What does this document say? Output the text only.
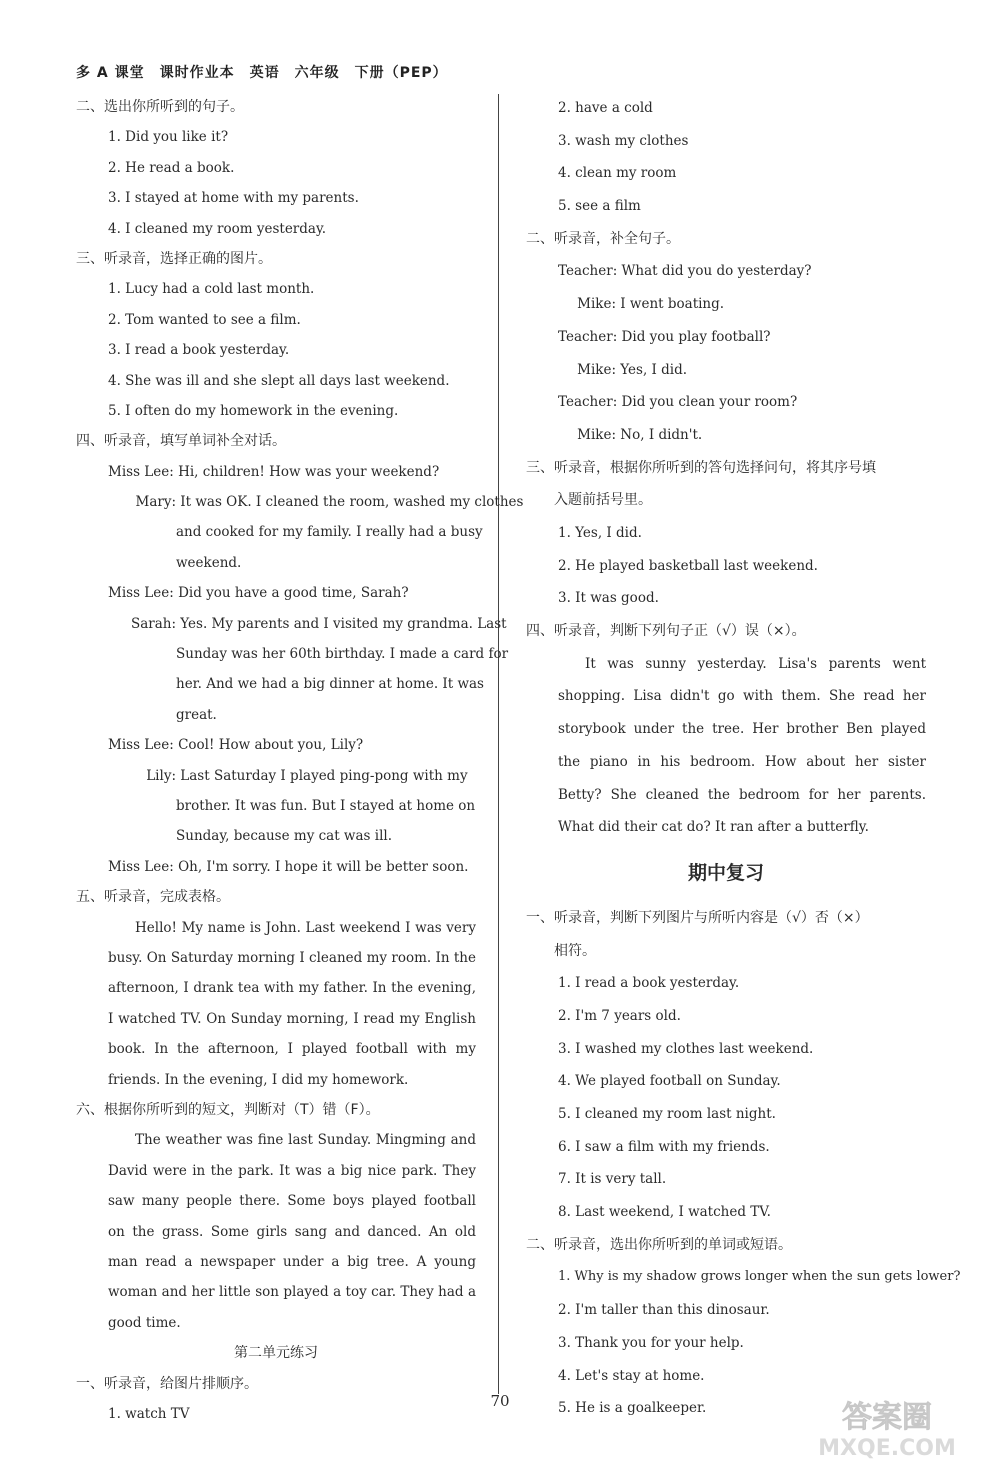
多 A 课堂　课时作业本　英语　六年级　下册（PEP）
二、选出你所听到的句子。
1. Did you like it?
2. He read a book.
3. I stayed at home with my parents.
4. I cleaned my room yesterday.
三、听录音，选择正确的图片。
1. Lucy had a cold last month.
2. Tom wanted to see a film.
3. I read a book yesterday.
4. She was ill and she slept all days last weekend.
5. I often do my homework in the evening.
四、听录音，填写单词补全对话。
Miss Lee: Hi, children! How was your weekend?
Mary: It was OK. I cleaned the room, washed my clothes
and cooked for my family. I really had a busy
weekend.
Miss Lee: Did you have a good time, Sarah?
Sarah: Yes. My parents and I visited my grandma. Last
Sunday was her 60th birthday. I made a card for
her. And we had a big dinner at home. It was
great.
Miss Lee: Cool! How about you, Lily?
Lily: Last Saturday I played ping-pong with my
brother. It was fun. But I stayed at home on
Sunday, because my cat was ill.
Miss Lee: Oh, I'm sorry. I hope it will be better soon.
五、听录音，完成表格。

Hello! My name is John. Last weekend I was very busy. On Saturday morning I cleaned my room. In the afternoon, I drank tea with my father. In the evening, I watched TV. On Sunday morning, I read my English book. In the afternoon, I played football with my friends. In the evening, I did my homework.

六、根据你所听到的短文，判断对（T）错（F）。

The weather was fine last Sunday. Mingming and David were in the park. It was a big nice park. They saw many people there. Some boys played football on the grass. Some girls sang and danced. An old man read a newspaper under a big tree. A young woman and her little son played a toy car. They had a good time.

第二单元练习
一、听录音，给图片排顺序。
1. watch TV
2. have a cold
3. wash my clothes
4. clean my room
5. see a film
二、听录音，补全句子。
Teacher: What did you do yesterday?
Mike: I went boating.
Teacher: Did you play football?
Mike: Yes, I did.
Teacher: Did you clean your room?
Mike: No, I didn't.
三、听录音，根据你所听到的答句选择问句，将其序号填
入题前括号里。
1. Yes, I did.
2. He played basketball last weekend.
3. It was good.
四、听录音，判断下列句子正（√）误（×）。

It was sunny yesterday. Lisa's parents went shopping. Lisa didn't go with them. She read her storybook under the tree. Her brother Ben played the piano in his bedroom. How about her sister Betty? She cleaned the bedroom for her parents. What did their cat do? It ran after a butterfly.

期中复习
一、听录音，判断下列图片与所听内容是（√）否（×）
相符。
1. I read a book yesterday.
2. I'm 7 years old.
3. I washed my clothes last weekend.
4. We played football on Sunday.
5. I cleaned my room last night.
6. I saw a film with my friends.
7. It is very tall.
8. Last weekend, I watched TV.
二、听录音，选出你所听到的单词或短语。
1. Why is my shadow grows longer when the sun gets lower?
2. I'm taller than this dinosaur.
3. Thank you for your help.
4. Let's stay at home.
5. He is a goalkeeper.
70	答案圈
MXQE.COM
